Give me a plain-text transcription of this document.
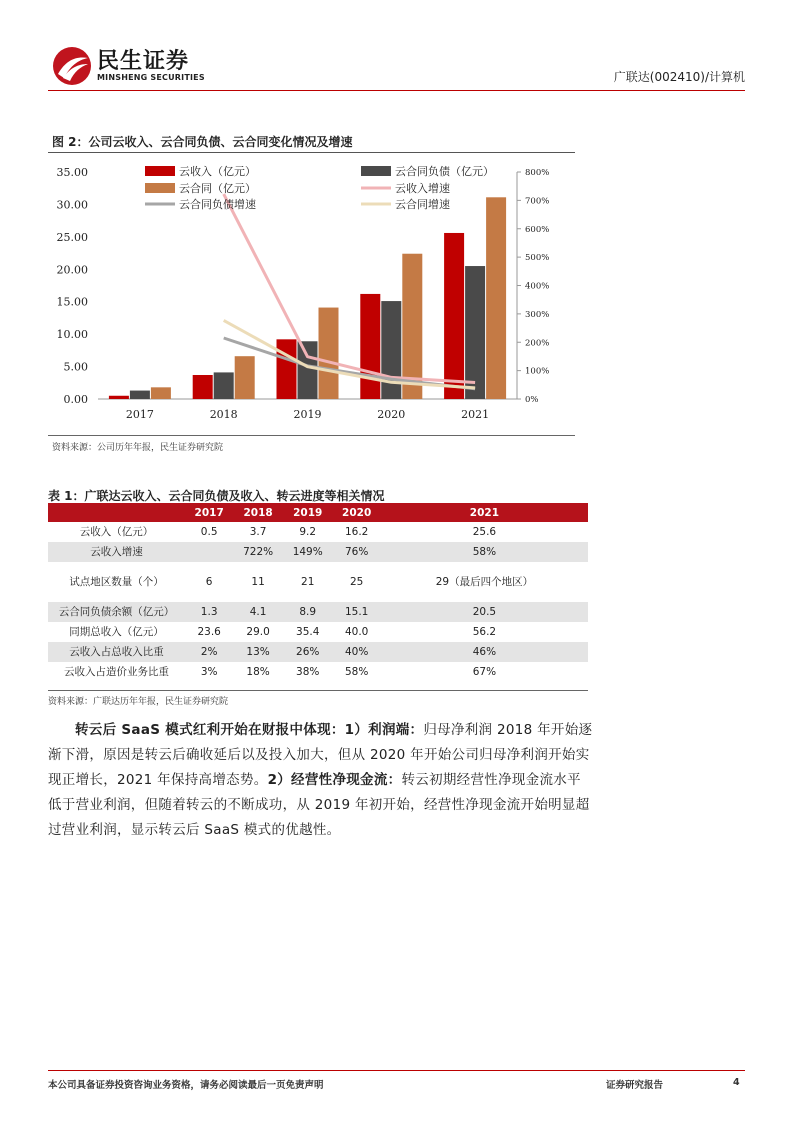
民生证券
MINSHENG SECURITIES	广联达(002410)/计算机
图 2：公司云收入、云合同负债、云合同变化情况及增速
0.00
5.00
10.00
15.00
20.00
25.00
30.00
35.00
0%
100%
200%
300%
400%
500%
600%
700%
800%
2017	2018	2019	2020	2021
云收入（亿元）	云合同负债（亿元）
云合同（亿元）	云收入增速
云合同负债增速	云合同增速
资料来源：公司历年年报，民生证券研究院
表 1：广联达云收入、云合同负债及收入、转云进度等相关情况
	2017	2018	2019	2020	2021
云收入（亿元）	0.5	3.7	9.2	16.2	25.6
云收入增速		722%	149%	76%	58%
试点地区数量（个）	6	11	21	25	29（最后四个地区）
云合同负债余额（亿元）	1.3	4.1	8.9	15.1	20.5
同期总收入（亿元）	23.6	29.0	35.4	40.0	56.2
云收入占总收入比重	2%	13%	26%	40%	46%
云收入占造价业务比重	3%	18%	38%	58%	67%
资料来源：广联达历年年报，民生证券研究院

转云后 SaaS 模式红利开始在财报中体现：1）利润端：归母净利润 2018 年开始逐渐下滑，原因是转云后确收延后以及投入加大，但从 2020 年开始公司归母净利润开始实现正增长，2021 年保持高增态势。2）经营性净现金流：转云初期经营性净现金流水平低于营业利润，但随着转云的不断成功，从 2019 年初开始，经营性净现金流开始明显超过营业利润，显示转云后 SaaS 模式的优越性。

本公司具备证券投资咨询业务资格，请务必阅读最后一页免责声明	证券研究报告	4
